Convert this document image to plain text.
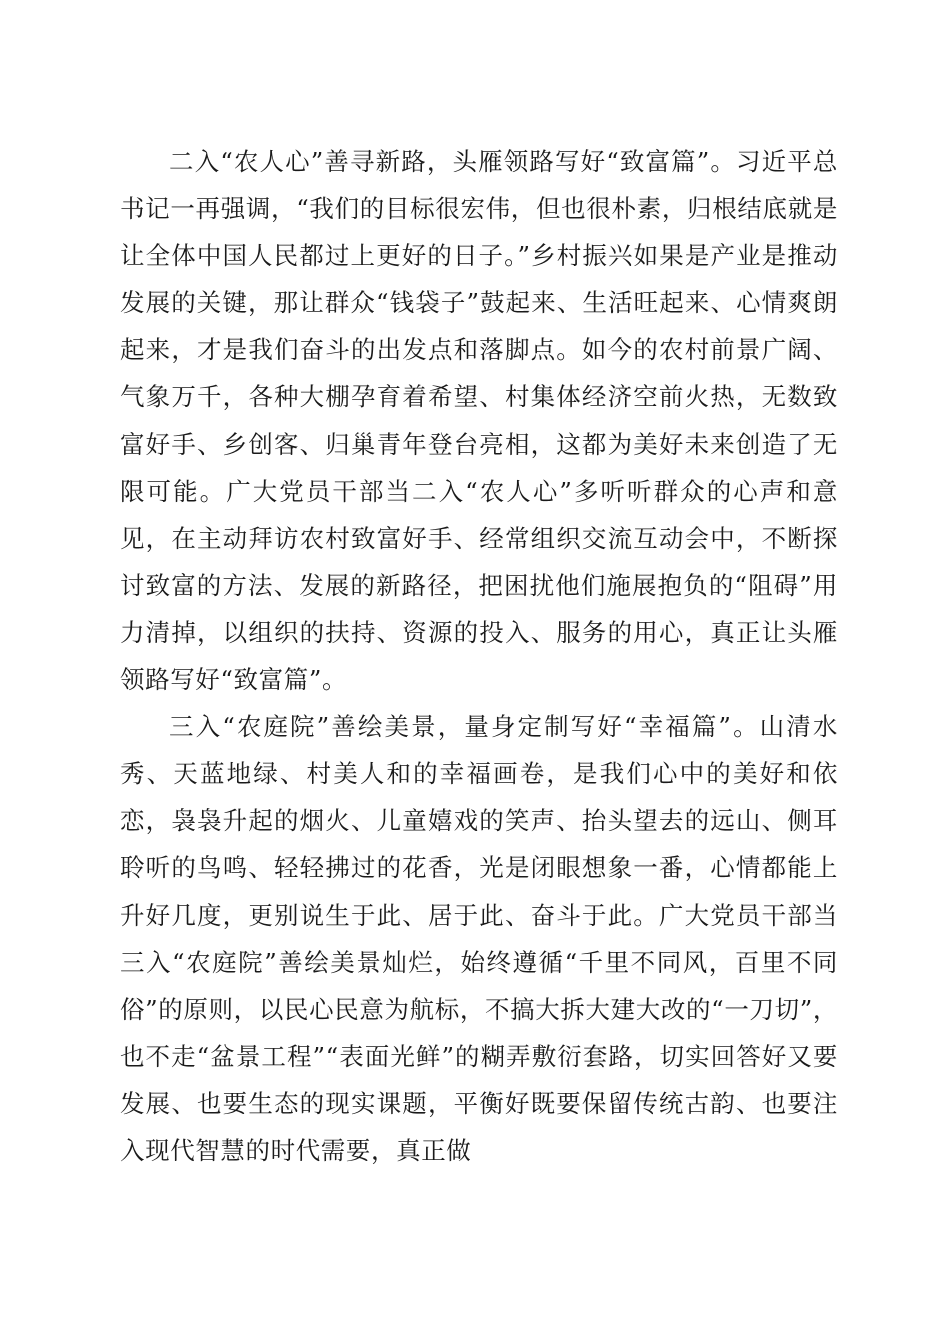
二入“农人心”善寻新路，头雁领路写好“致富篇”。习近平总书记一再强调，“我们的目标很宏伟，但也很朴素，归根结底就是让全体中国人民都过上更好的日子。”乡村振兴如果是产业是推动发展的关键，那让群众“钱袋子”鼓起来、生活旺起来、心情爽朗起来，才是我们奋斗的出发点和落脚点。如今的农村前景广阔、气象万千，各种大棚孕育着希望、村集体经济空前火热，无数致富好手、乡创客、归巢青年登台亮相，这都为美好未来创造了无限可能。广大党员干部当二入“农人心”多听听群众的心声和意见，在主动拜访农村致富好手、经常组织交流互动会中，不断探讨致富的方法、发展的新路径，把困扰他们施展抱负的“阻碍”用力清掉，以组织的扶持、资源的投入、服务的用心，真正让头雁领路写好“致富篇”。

三入“农庭院”善绘美景，量身定制写好“幸福篇”。山清水秀、天蓝地绿、村美人和的幸福画卷，是我们心中的美好和依恋，袅袅升起的烟火、儿童嬉戏的笑声、抬头望去的远山、侧耳聆听的鸟鸣、轻轻拂过的花香，光是闭眼想象一番，心情都能上升好几度，更别说生于此、居于此、奋斗于此。广大党员干部当三入“农庭院”善绘美景灿烂，始终遵循“千里不同风，百里不同俗”的原则，以民心民意为航标，不搞大拆大建大改的“一刀切”，也不走“盆景工程”“表面光鲜”的糊弄敷衍套路，切实回答好又要发展、也要生态的现实课题，平衡好既要保留传统古韵、也要注入现代智慧的时代需要，真正做
